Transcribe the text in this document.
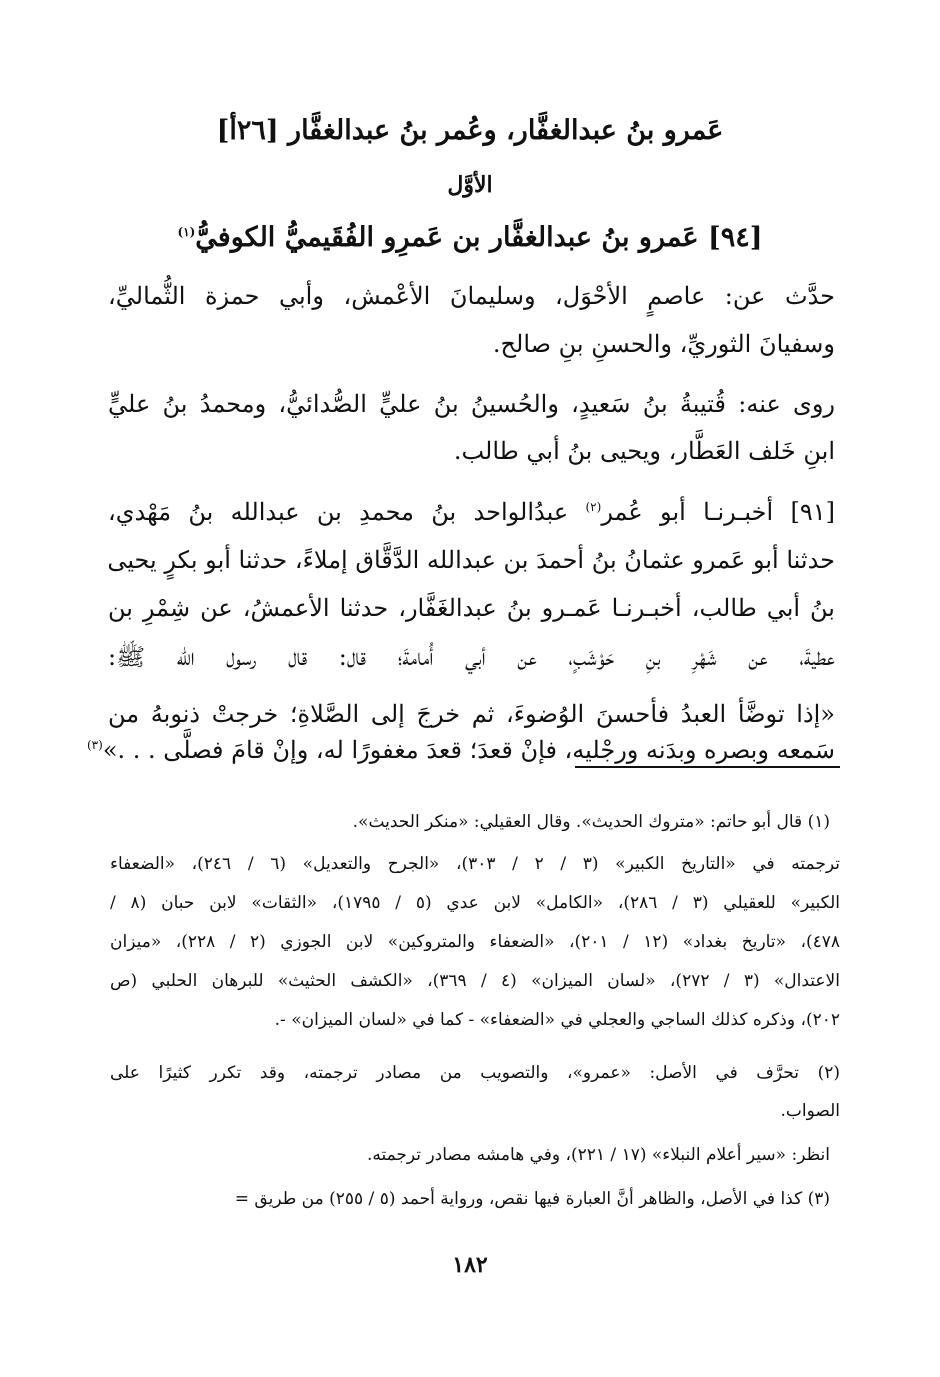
عَمرو بنُ عبدالغفَّار، وعُمر بنُ عبدالغفَّار [٢٦أ]
الأوَّل
[٩٤] عَمرو بنُ عبدالغفَّار بن عَمرِو الفُقَيميُّ الكوفيُّ$^{(١)}$
حدَّث عن: عاصمٍ الأحْوَل، وسليمانَ الأعْمش، وأبي حمزة الثُّماليِّ،
وسفيانَ الثوريِّ، والحسنِ بنِ صالح.
روى عنه: قُتيبةُ بنُ سَعيدٍ، والحُسينُ بنُ عليٍّ الصُّدائيُّ، ومحمدُ بنُ عليٍّ
ابنِ خَلف العَطَّار، ويحيى بنُ أبي طالب.
[٩١] أخبـرنـا أبو عُمر$^{(٢)}$ عبدُالواحد بنُ محمدِ بن عبدالله بنُ مَهْدي،
حدثنا أبو عَمرو عثمانُ بنُ أحمدَ بن عبدالله الدَّقَّاق إملاءً، حدثنا أبو بكرٍ يحيى
بنُ أبي طالب، أخبـرنـا عَمـرو بنُ عبدالغَفَّار، حدثنا الأعمشُ، عن شِمْرِ بن
عطيةَ، عن شَهْرِ بنِ حَوْشَبٍ، عن أبي أُمامةَ؛ قال: قال رسول الله ﷺ:
«إذا توضَّأ العبدُ فأحسنَ الوُضوءَ، ثم خرجَ إلى الصَّلاةِ؛ خرجتْ ذنوبهُ من
سَمعه وبصره وبدَنه ورجْليه، فإنْ قعدَ؛ قعدَ مغفورًا له، وإنْ قامَ فصلَّى . . .»$^{(٣)}$
(١) قال أبو حاتم: «متروك الحديث». وقال العقيلي: «منكر الحديث».
ترجمته في «التاريخ الكبير» (٣ / ٢ / ٣٠٣)، «الجرح والتعديل» (٦ / ٢٤٦)، «الضعفاء
الكبير» للعقيلي (٣ / ٢٨٦)، «الكامل» لابن عدي (٥ / ١٧٩٥)، «الثقات» لابن حبان (٨ /
٤٧٨)، «تاريخ بغداد» (١٢ / ٢٠١)، «الضعفاء والمتروكين» لابن الجوزي (٢ / ٢٢٨)، «ميزان
الاعتدال» (٣ / ٢٧٢)، «لسان الميزان» (٤ / ٣٦٩)، «الكشف الحثيث» للبرهان الحلبي (ص
٢٠٢)، وذكره كذلك الساجي والعجلي في «الضعفاء» - كما في «لسان الميزان» -.
(٢) تحرَّف في الأصل: «عمرو»، والتصويب من مصادر ترجمته، وقد تكرر كثيرًا على
الصواب.
انظر: «سير أعلام النبلاء» (١٧ / ٢٢١)، وفي هامشه مصادر ترجمته.
(٣) كذا في الأصل، والظاهر أنَّ العبارة فيها نقص، ورواية أحمد (٥ / ٢٥٥) من طريق =
١٨٢
